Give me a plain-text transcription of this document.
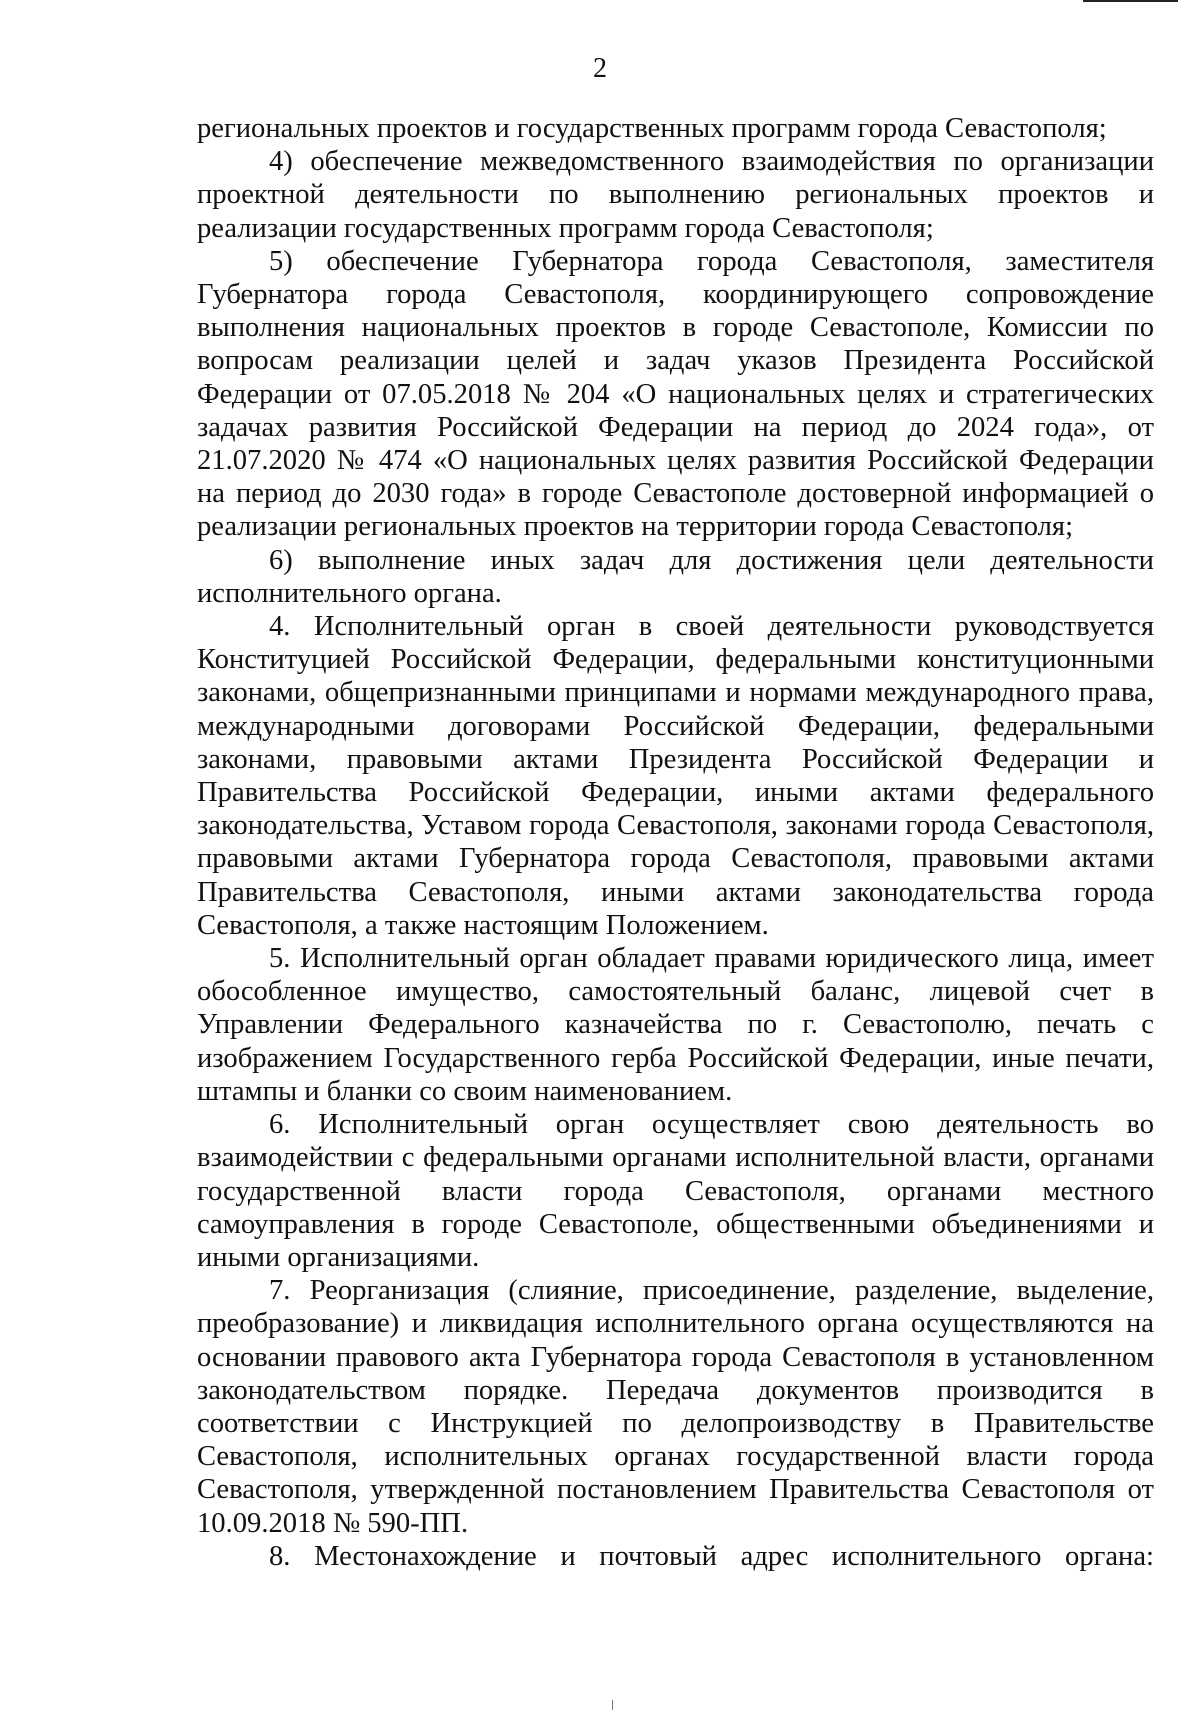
2

региональных проектов и государственных программ города Севастополя;

4) обеспечение межведомственного взаимодействия по организации проектной деятельности по выполнению региональных проектов и реализации государственных программ города Севастополя;

5) обеспечение Губернатора города Севастополя, заместителя Губернатора города Севастополя, координирующего сопровождение выполнения национальных проектов в городе Севастополе, Комиссии по вопросам реализации целей и задач указов Президента Российской Федерации от 07.05.2018 № 204 «О национальных целях и стратегических задачах развития Российской Федерации на период до 2024 года», от 21.07.2020 № 474 «О национальных целях развития Российской Федерации на период до 2030 года» в городе Севастополе достоверной информацией о реализации региональных проектов на территории города Севастополя;

6) выполнение иных задач для достижения цели деятельности исполнительного органа.

4. Исполнительный орган в своей деятельности руководствуется Конституцией Российской Федерации, федеральными конституционными законами, общепризнанными принципами и нормами международного права, международными договорами Российской Федерации, федеральными законами, правовыми актами Президента Российской Федерации и Правительства Российской Федерации, иными актами федерального законодательства, Уставом города Севастополя, законами города Севастополя, правовыми актами Губернатора города Севастополя, правовыми актами Правительства Севастополя, иными актами законодательства города Севастополя, а также настоящим Положением.

5. Исполнительный орган обладает правами юридического лица, имеет обособленное имущество, самостоятельный баланс, лицевой счет в Управлении Федерального казначейства по г. Севастополю, печать с изображением Государственного герба Российской Федерации, иные печати, штампы и бланки со своим наименованием.

6. Исполнительный орган осуществляет свою деятельность во взаимодействии с федеральными органами исполнительной власти, органами государственной власти города Севастополя, органами местного самоуправления в городе Севастополе, общественными объединениями и иными организациями.

7. Реорганизация (слияние, присоединение, разделение, выделение, преобразование) и ликвидация исполнительного органа осуществляются на основании правового акта Губернатора города Севастополя в установленном законодательством порядке. Передача документов производится в соответствии с Инструкцией по делопроизводству в Правительстве Севастополя, исполнительных органах государственной власти города Севастополя, утвержденной постановлением Правительства Севастополя от 10.09.2018 № 590-ПП.

8. Местонахождение и почтовый адрес исполнительного органа:
